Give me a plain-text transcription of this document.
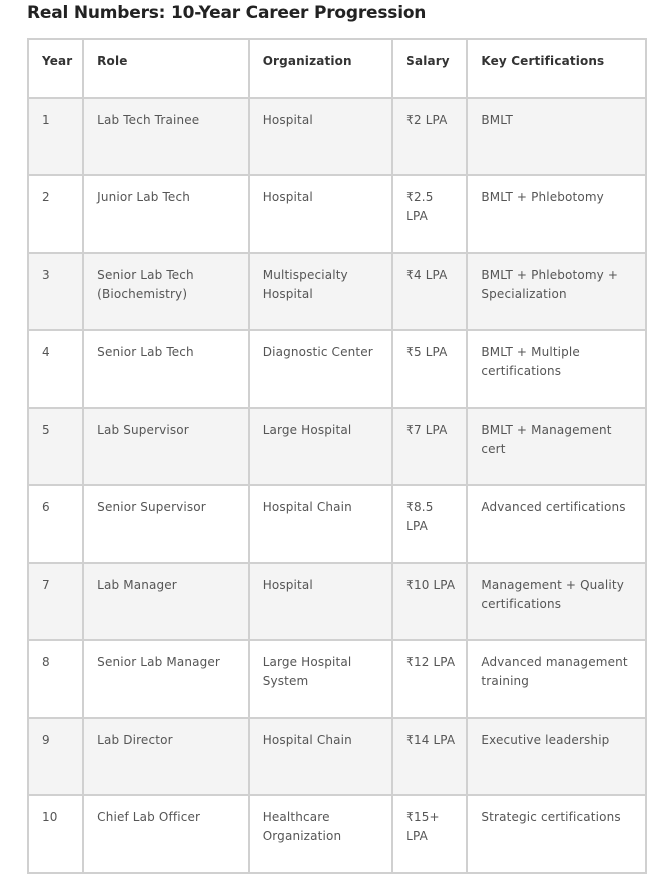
Real Numbers: 10-Year Career Progression
Year	Role	Organization	Salary	Key Certifications
1	Lab Tech Trainee	Hospital	₹2 LPA	BMLT
2	Junior Lab Tech	Hospital	₹2.5 LPA	BMLT + Phlebotomy
3	Senior Lab Tech (Biochemistry)	Multispecialty Hospital	₹4 LPA	BMLT + Phlebotomy + Specialization
4	Senior Lab Tech	Diagnostic Center	₹5 LPA	BMLT + Multiple certifications
5	Lab Supervisor	Large Hospital	₹7 LPA	BMLT + Management cert
6	Senior Supervisor	Hospital Chain	₹8.5 LPA	Advanced certifications
7	Lab Manager	Hospital	₹10 LPA	Management + Quality certifications
8	Senior Lab Manager	Large Hospital System	₹12 LPA	Advanced management training
9	Lab Director	Hospital Chain	₹14 LPA	Executive leadership
10	Chief Lab Officer	Healthcare Organization	₹15+ LPA	Strategic certifications
